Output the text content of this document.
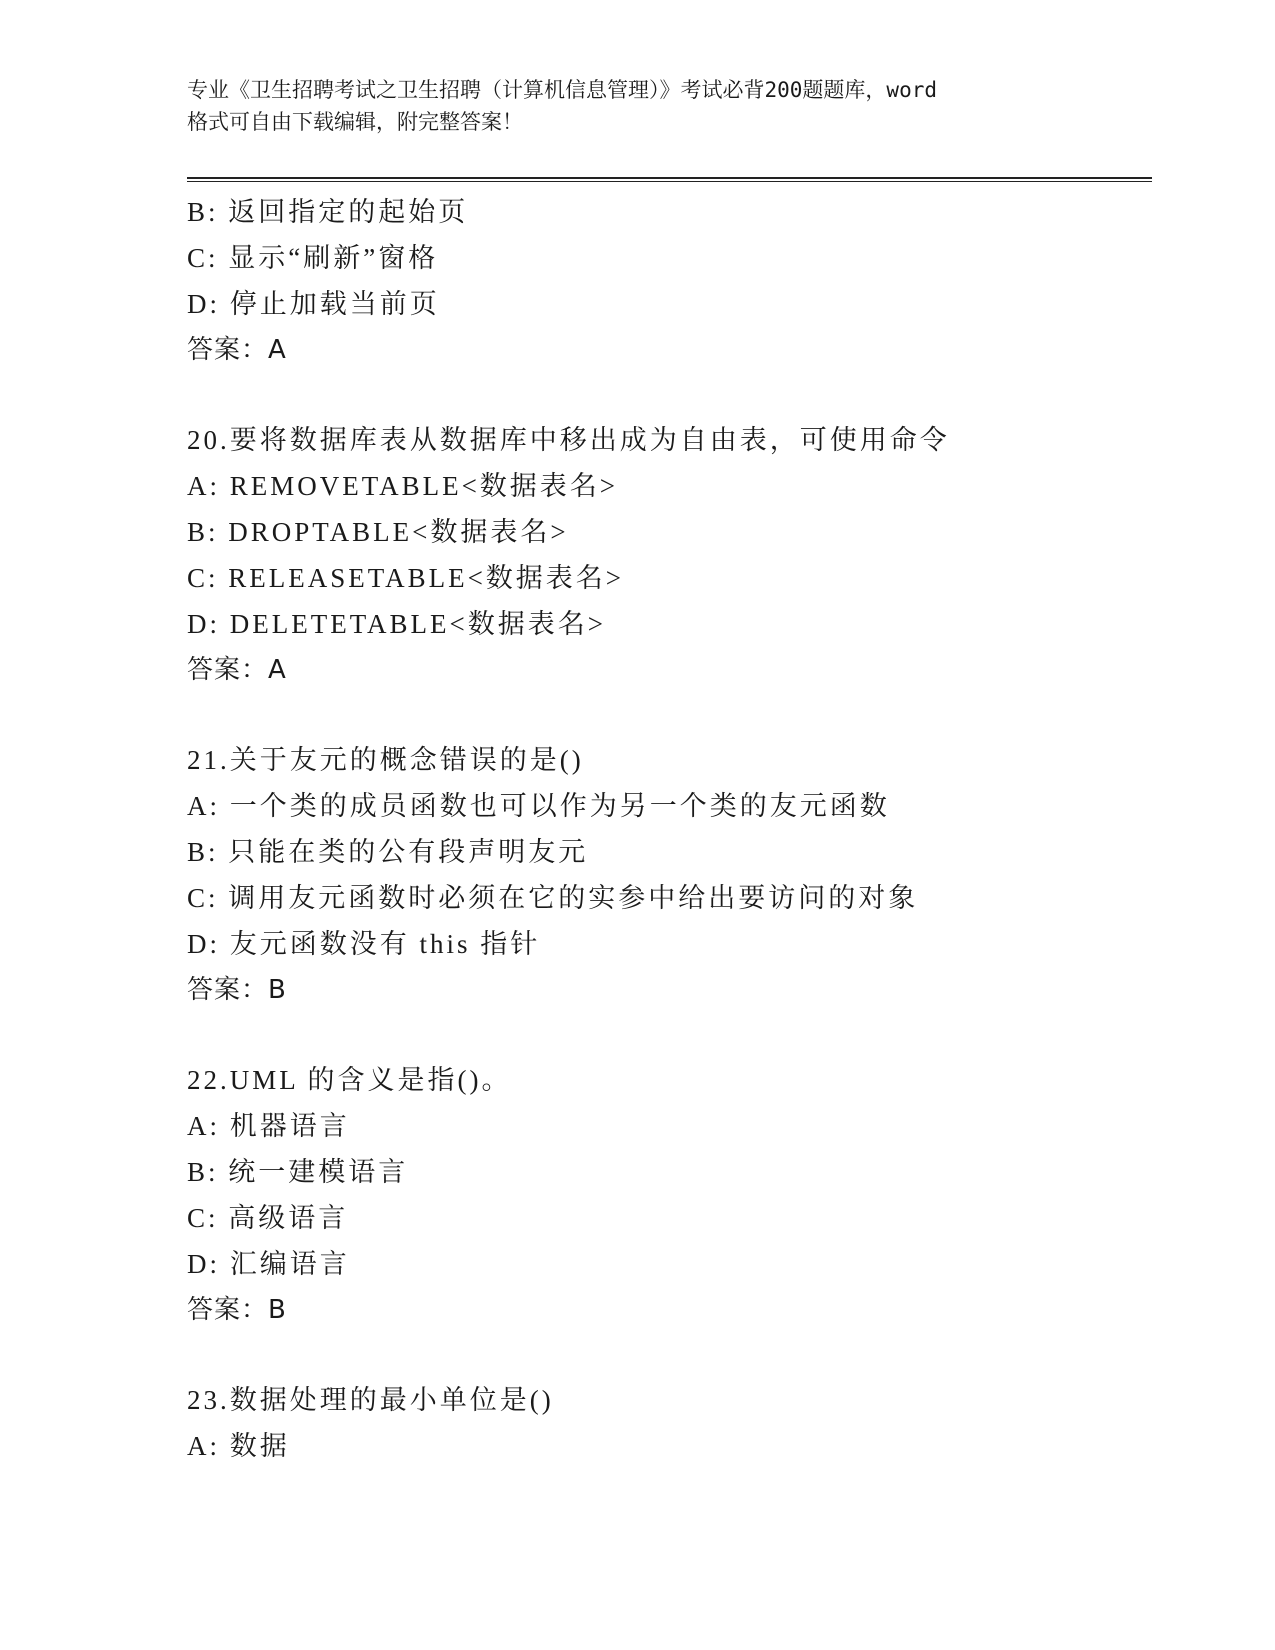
专业《卫生招聘考试之卫生招聘（计算机信息管理）》考试必背200题题库，word
格式可自由下载编辑，附完整答案！
B: 返回指定的起始页
C: 显示“刷新”窗格
D: 停止加载当前页
答案：A
20.要将数据库表从数据库中移出成为自由表，可使用命令
A: REMOVETABLE<数据表名>
B: DROPTABLE<数据表名>
C: RELEASETABLE<数据表名>
D: DELETETABLE<数据表名>
答案：A
21.关于友元的概念错误的是()
A: 一个类的成员函数也可以作为另一个类的友元函数
B: 只能在类的公有段声明友元
C: 调用友元函数时必须在它的实参中给出要访问的对象
D: 友元函数没有 this 指针
答案：B
22.UML 的含义是指()。
A: 机器语言
B: 统一建模语言
C: 高级语言
D: 汇编语言
答案：B
23.数据处理的最小单位是()
A: 数据
